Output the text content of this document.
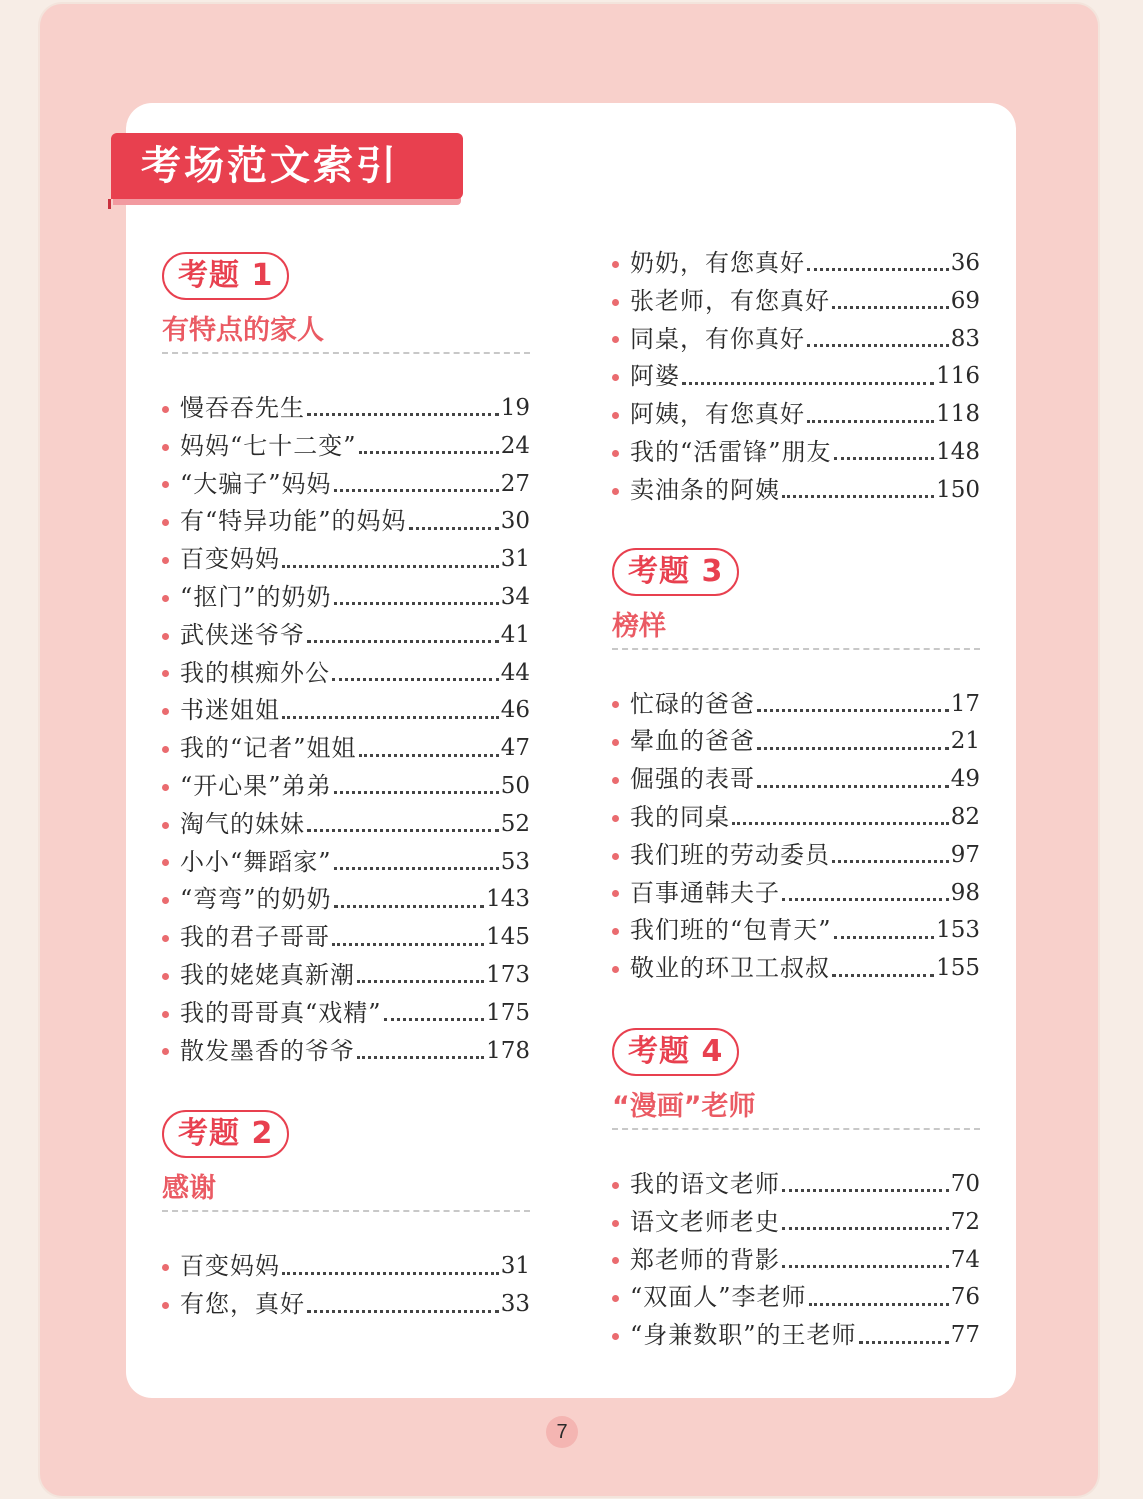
考场范文索引
考题 1
有特点的家人
慢吞吞先生	19
妈妈“七十二变”	24
“大骗子”妈妈	27
有“特异功能”的妈妈	30
百变妈妈	31
“抠门”的奶奶	34
武侠迷爷爷	41
我的棋痴外公	44
书迷姐姐	46
我的“记者”姐姐	47
“开心果”弟弟	50
淘气的妹妹	52
小小“舞蹈家”	53
“弯弯”的奶奶	143
我的君子哥哥	145
我的姥姥真新潮	173
我的哥哥真“戏精”	175
散发墨香的爷爷	178
考题 2
感谢
百变妈妈	31
有您，真好	33
奶奶，有您真好	36
张老师，有您真好	69
同桌，有你真好	83
阿婆	116
阿姨，有您真好	118
我的“活雷锋”朋友	148
卖油条的阿姨	150
考题 3
榜样
忙碌的爸爸	17
晕血的爸爸	21
倔强的表哥	49
我的同桌	82
我们班的劳动委员	97
百事通韩夫子	98
我们班的“包青天”	153
敬业的环卫工叔叔	155
考题 4
“漫画”老师
我的语文老师	70
语文老师老史	72
郑老师的背影	74
“双面人”李老师	76
“身兼数职”的王老师	77
7
